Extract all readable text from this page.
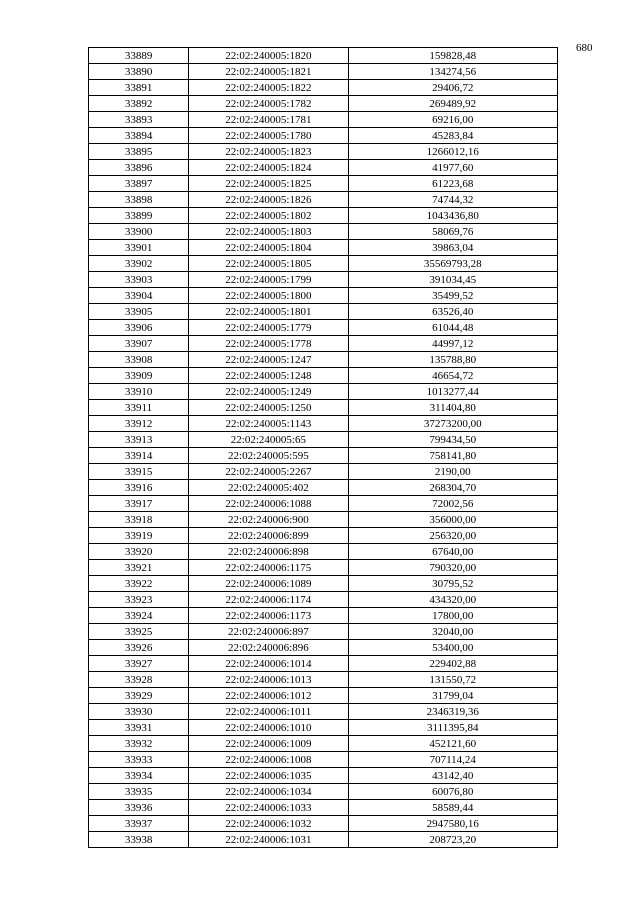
680
33889	22:02:240005:1820	159828,48
33890	22:02:240005:1821	134274,56
33891	22:02:240005:1822	29406,72
33892	22:02:240005:1782	269489,92
33893	22:02:240005:1781	69216,00
33894	22:02:240005:1780	45283,84
33895	22:02:240005:1823	1266012,16
33896	22:02:240005:1824	41977,60
33897	22:02:240005:1825	61223,68
33898	22:02:240005:1826	74744,32
33899	22:02:240005:1802	1043436,80
33900	22:02:240005:1803	58069,76
33901	22:02:240005:1804	39863,04
33902	22:02:240005:1805	35569793,28
33903	22:02:240005:1799	391034,45
33904	22:02:240005:1800	35499,52
33905	22:02:240005:1801	63526,40
33906	22:02:240005:1779	61044,48
33907	22:02:240005:1778	44997,12
33908	22:02:240005:1247	135788,80
33909	22:02:240005:1248	46654,72
33910	22:02:240005:1249	1013277,44
33911	22:02:240005:1250	311404,80
33912	22:02:240005:1143	37273200,00
33913	22:02:240005:65	799434,50
33914	22:02:240005:595	758141,80
33915	22:02:240005:2267	2190,00
33916	22:02:240005:402	268304,70
33917	22:02:240006:1088	72002,56
33918	22:02:240006:900	356000,00
33919	22:02:240006:899	256320,00
33920	22:02:240006:898	67640,00
33921	22:02:240006:1175	790320,00
33922	22:02:240006:1089	30795,52
33923	22:02:240006:1174	434320,00
33924	22:02:240006:1173	17800,00
33925	22:02:240006:897	32040,00
33926	22:02:240006:896	53400,00
33927	22:02:240006:1014	229402,88
33928	22:02:240006:1013	131550,72
33929	22:02:240006:1012	31799,04
33930	22:02:240006:1011	2346319,36
33931	22:02:240006:1010	3111395,84
33932	22:02:240006:1009	452121,60
33933	22:02:240006:1008	707114,24
33934	22:02:240006:1035	43142,40
33935	22:02:240006:1034	60076,80
33936	22:02:240006:1033	58589,44
33937	22:02:240006:1032	2947580,16
33938	22:02:240006:1031	208723,20
